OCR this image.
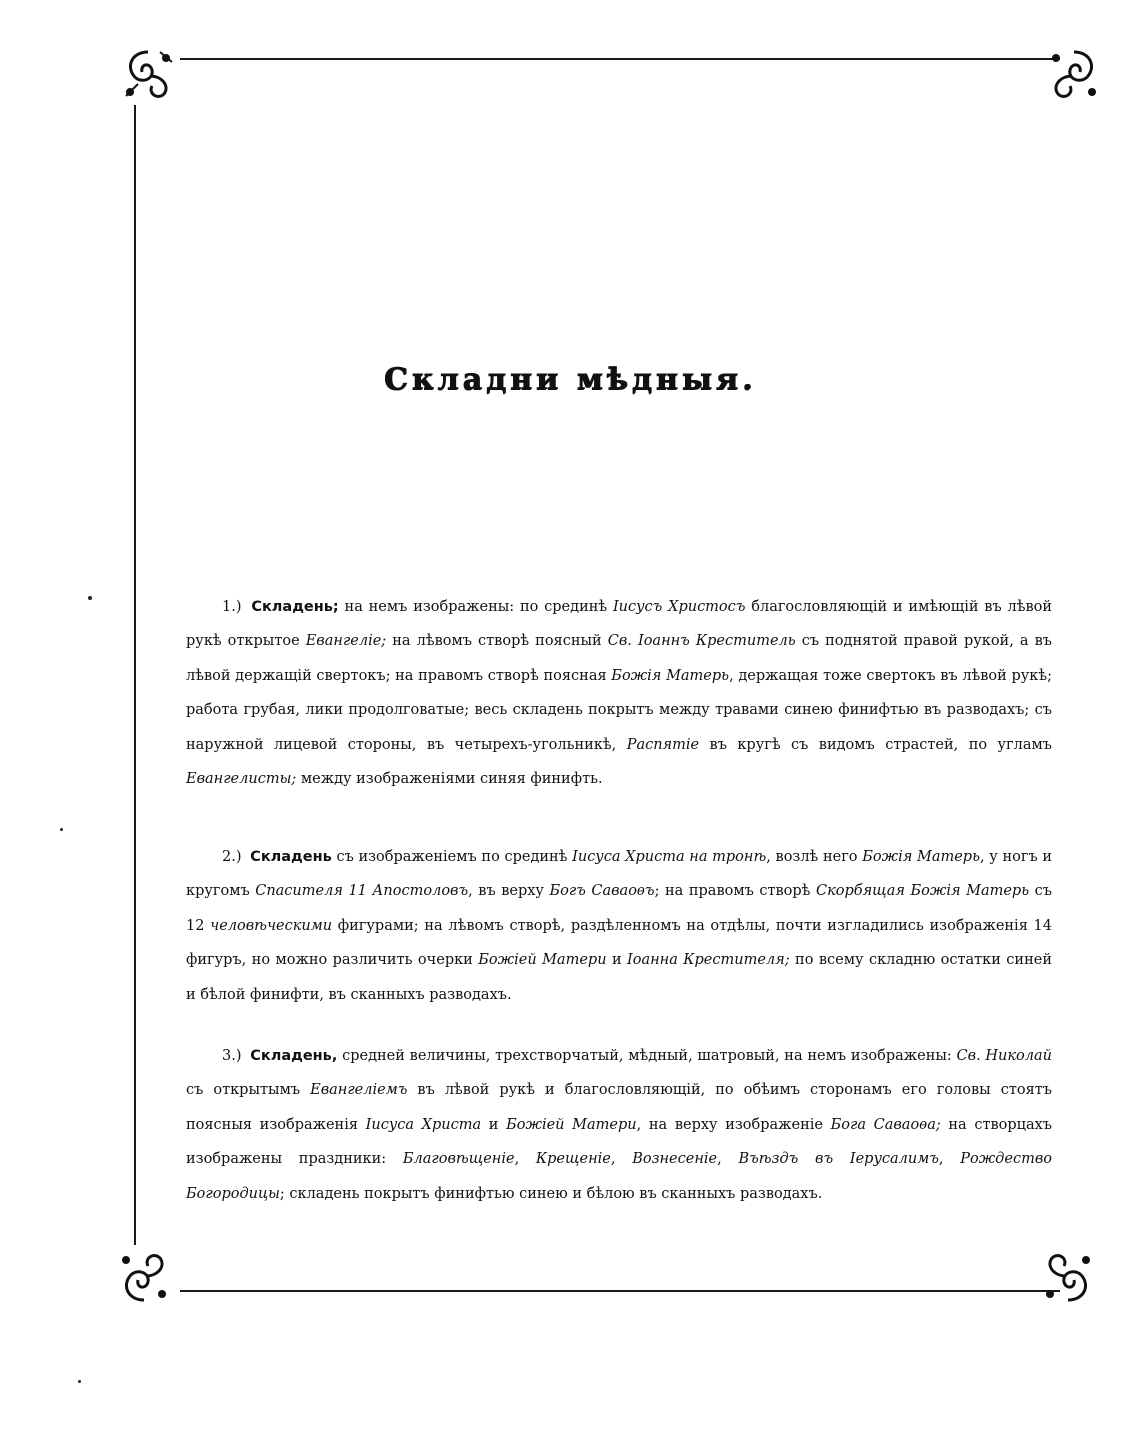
Складни мѣдныя.
1.) Складень; на немъ изображены: по срединѣ Іисусъ Христосъ благословляющій и имѣющій въ лѣвой рукѣ открытое Евангеліе; на лѣвомъ створѣ поясный Св. Іоаннъ Креститель съ поднятой правой рукой, а въ лѣвой держащій свертокъ; на правомъ створѣ поясная Божія Матерь, держащая тоже свертокъ въ лѣвой рукѣ; работа грубая, лики продолговатые; весь складень покрытъ между травами синею финифтью въ разводахъ; съ наружной лицевой стороны, въ четырехъ-угольникѣ, Распятіе въ кругѣ съ видомъ страстей, по угламъ Евангелисты; между изображеніями синяя финифть.
2.) Складень съ изображеніемъ по срединѣ Іисуса Христа на тронѣ, возлѣ него Божія Матерь, у ногъ и кругомъ Спасителя 11 Апостоловъ, въ верху Богъ Саваоѳъ; на правомъ створѣ Скорбящая Божія Матерь съ 12 человѣческими фигурами; на лѣвомъ створѣ, раздѣленномъ на отдѣлы, почти изгладились изображенія 14 фигуръ, но можно различить очерки Божіей Матери и Іоанна Крестителя; по всему складню остатки синей и бѣлой финифти, въ сканныхъ разводахъ.
3.) Складень, средней величины, трехстворчатый, мѣдный, шатровый, на немъ изображены: Св. Николай съ открытымъ Евангеліемъ въ лѣвой рукѣ и благословляющій, по обѣимъ сторонамъ его головы стоятъ поясныя изображенія Іисуса Христа и Божіей Матери, на верху изображеніе Бога Саваоѳа; на створцахъ изображены праздники: Благовѣщеніе, Крещеніе, Вознесеніе, Въѣздъ въ Іерусалимъ, Рождество Богородицы; складень покрытъ финифтью синею и бѣлою въ сканныхъ разводахъ.
